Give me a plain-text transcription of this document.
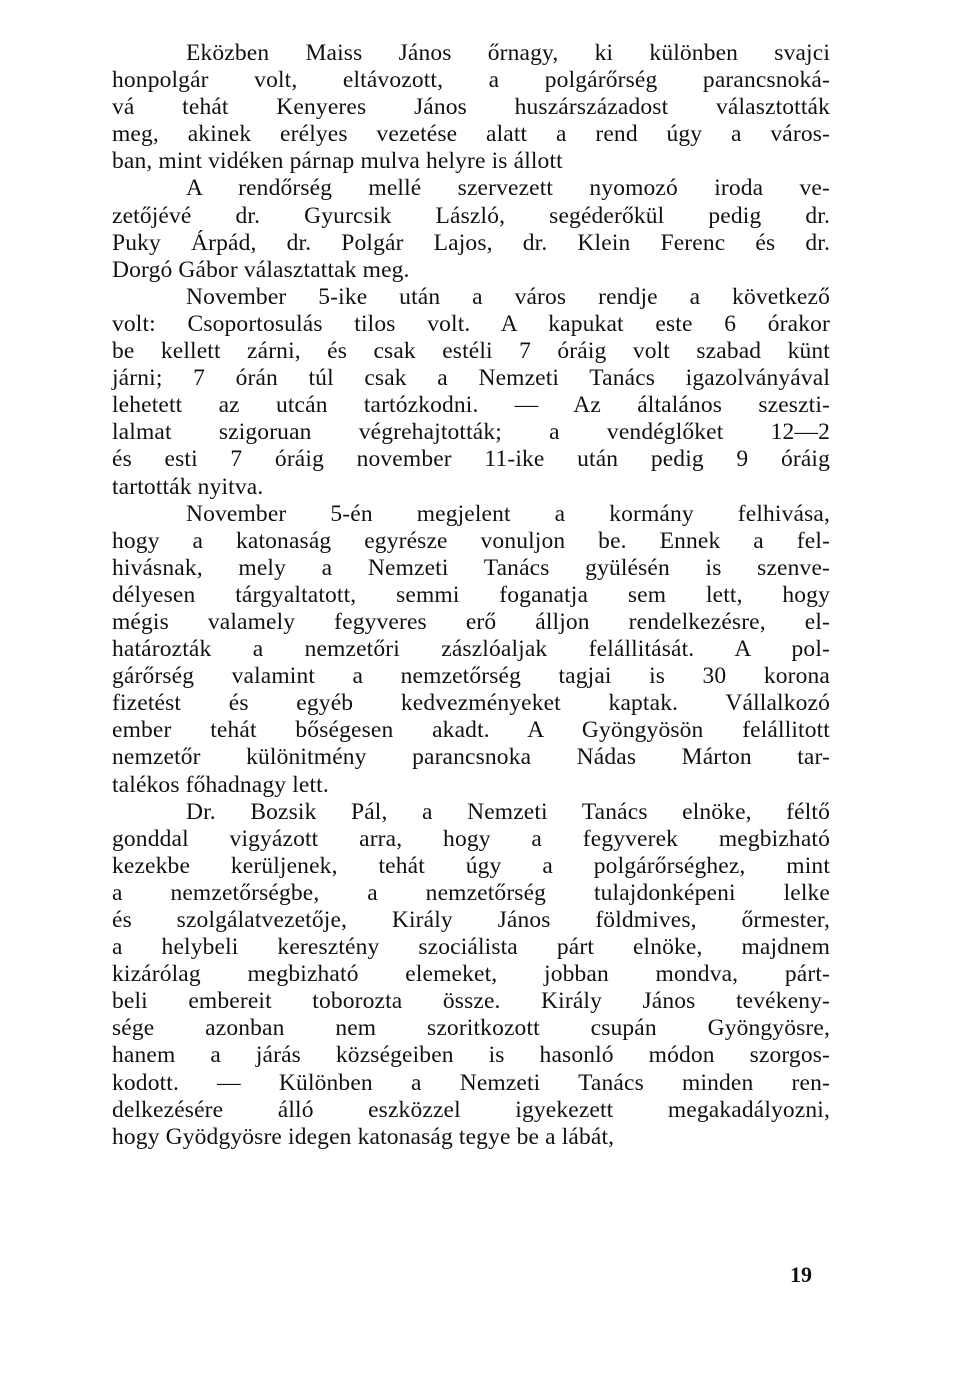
Eközben Maiss János őrnagy, ki különben svajci
honpolgár volt, eltávozott, a polgárőrség parancsnoká-
vá tehát Kenyeres János huszárszázadost választották
meg, akinek erélyes vezetése alatt a rend úgy a város-
ban, mint vidéken párnap mulva helyre is állott
A rendőrség mellé szervezett nyomozó iroda ve-
zetőjévé dr. Gyurcsik László, segéderőkül pedig dr.
Puky Árpád, dr. Polgár Lajos, dr. Klein Ferenc és dr.
Dorgó Gábor választattak meg.
November 5-ike után a város rendje a következő
volt: Csoportosulás tilos volt. A kapukat este 6 órakor
be kellett zárni, és csak estéli 7 óráig volt szabad künt
járni; 7 órán túl csak a Nemzeti Tanács igazolványával
lehetett az utcán tartózkodni. — Az általános szeszti-
lalmat szigoruan végrehajtották; a vendéglőket 12—2
és esti 7 óráig november 11-ike után pedig 9 óráig
tartották nyitva.
November 5-én megjelent a kormány felhivása,
hogy a katonaság egyrésze vonuljon be. Ennek a fel-
hivásnak, mely a Nemzeti Tanács gyülésén is szenve-
délyesen tárgyaltatott, semmi foganatja sem lett, hogy
mégis valamely fegyveres erő álljon rendelkezésre, el-
határozták a nemzetőri zászlóaljak felállitását. A pol-
gárőrség valamint a nemzetőrség tagjai is 30 korona
fizetést és egyéb kedvezményeket kaptak. Vállalkozó
ember tehát bőségesen akadt. A Gyöngyösön felállitott
nemzetőr különitmény parancsnoka Nádas Márton tar-
talékos főhadnagy lett.
Dr. Bozsik Pál, a Nemzeti Tanács elnöke, féltő
gonddal vigyázott arra, hogy a fegyverek megbizható
kezekbe kerüljenek, tehát úgy a polgárőrséghez, mint
a nemzetőrségbe, a nemzetőrség tulajdonképeni lelke
és szolgálatvezetője, Király János földmives, őrmester,
a helybeli keresztény szociálista párt elnöke, majdnem
kizárólag megbizható elemeket, jobban mondva, párt-
beli embereit toborozta össze. Király János tevékeny-
sége azonban nem szoritkozott csupán Gyöngyösre,
hanem a járás községeiben is hasonló módon szorgos-
kodott. — Különben a Nemzeti Tanács minden ren-
delkezésére álló eszközzel igyekezett megakadályozni,
hogy Gyödgyösre idegen katonaság tegye be a lábát,
19
